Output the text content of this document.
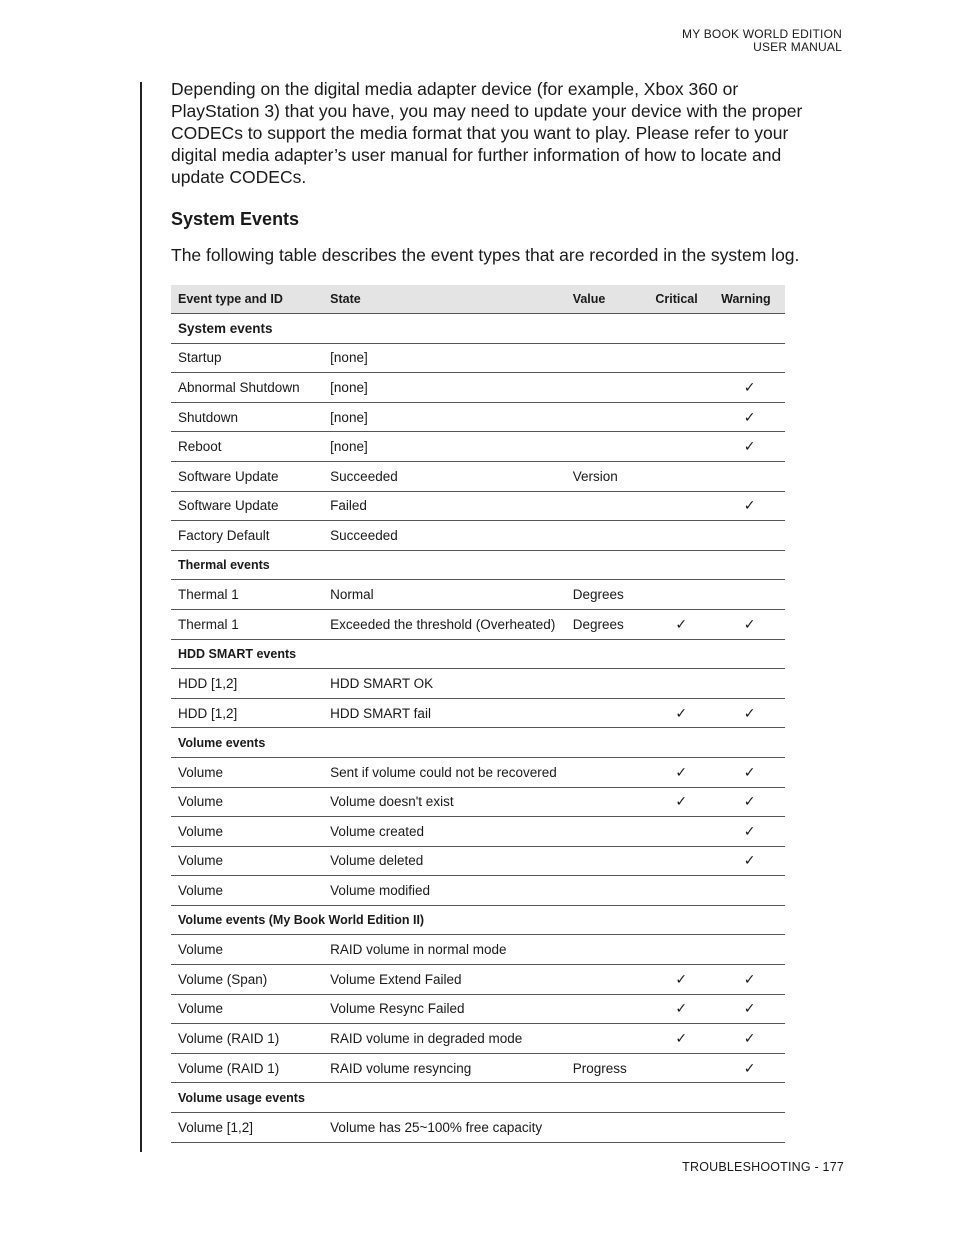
MY BOOK WORLD EDITION
USER MANUAL

Depending on the digital media adapter device (for example, Xbox 360 or PlayStation 3) that you have, you may need to update your device with the proper CODECs to support the media format that you want to play. Please refer to your digital media adapter’s user manual for further information of how to locate and update CODECs.

System Events

The following table describes the event types that are recorded in the system log.

Event type and ID	State	Value	Critical	Warning
System events				
Startup	[none]			
Abnormal Shutdown	[none]			✓
Shutdown	[none]			✓
Reboot	[none]			✓
Software Update	Succeeded	Version		
Software Update	Failed			✓
Factory Default	Succeeded			
Thermal events				
Thermal 1	Normal	Degrees		
Thermal 1	Exceeded the threshold (Overheated)	Degrees	✓	✓
HDD SMART events				
HDD [1,2]	HDD SMART OK			
HDD [1,2]	HDD SMART fail		✓	✓
Volume events				
Volume	Sent if volume could not be recovered		✓	✓
Volume	Volume doesn't exist		✓	✓
Volume	Volume created			✓
Volume	Volume deleted			✓
Volume	Volume modified			
Volume events (My Book World Edition II)				
Volume	RAID volume in normal mode			
Volume (Span)	Volume Extend Failed		✓	✓
Volume	Volume Resync Failed		✓	✓
Volume (RAID 1)	RAID volume in degraded mode		✓	✓
Volume (RAID 1)	RAID volume resyncing	Progress		✓
Volume usage events				
Volume [1,2]	Volume has 25~100% free capacity			
TROUBLESHOOTING - 177
